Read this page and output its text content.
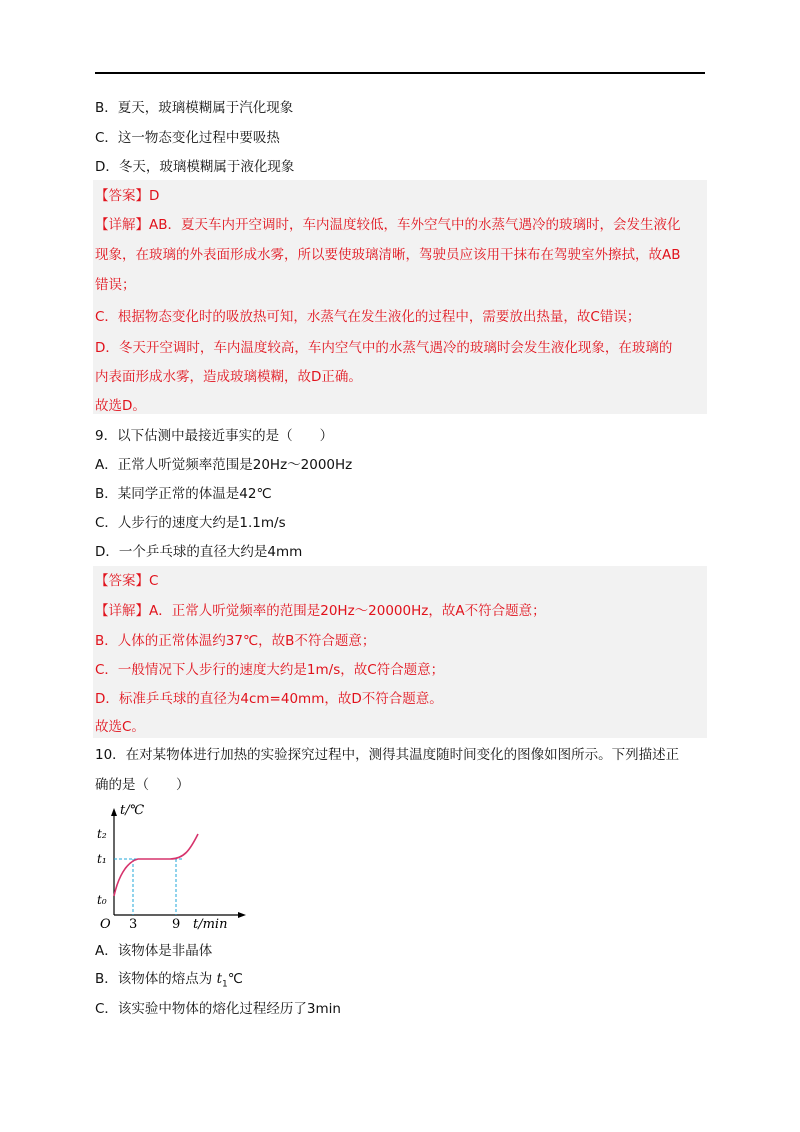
B．夏天，玻璃模糊属于汽化现象
C．这一物态变化过程中要吸热
D．冬天，玻璃模糊属于液化现象
【答案】D
【详解】AB．夏天车内开空调时，车内温度较低，车外空气中的水蒸气遇冷的玻璃时，会发生液化
现象，在玻璃的外表面形成水雾，所以要使玻璃清晰，驾驶员应该用干抹布在驾驶室外擦拭，故AB
错误；
C．根据物态变化时的吸放热可知，水蒸气在发生液化的过程中，需要放出热量，故C错误；
D．冬天开空调时，车内温度较高，车内空气中的水蒸气遇冷的玻璃时会发生液化现象，在玻璃的
内表面形成水雾，造成玻璃模糊，故D正确。
故选D。
9．以下估测中最接近事实的是（　　）
A．正常人听觉频率范围是20Hz～2000Hz
B．某同学正常的体温是42℃
C．人步行的速度大约是1.1m/s
D．一个乒乓球的直径大约是4mm
【答案】C
【详解】A．正常人听觉频率的范围是20Hz～20000Hz，故A不符合题意；
B．人体的正常体温约37℃，故B不符合题意；
C．一般情况下人步行的速度大约是1m/s，故C符合题意；
D．标准乒乓球的直径为4cm=40mm，故D不符合题意。
故选C。
10．在对某物体进行加热的实验探究过程中，测得其温度随时间变化的图像如图所示。下列描述正
确的是（　　）
t/℃
t₂
t₁
t₀
O 3	9 t/min
A．该物体是非晶体
B．该物体的熔点为 $t_1℃$
C．该实验中物体的熔化过程经历了3min
